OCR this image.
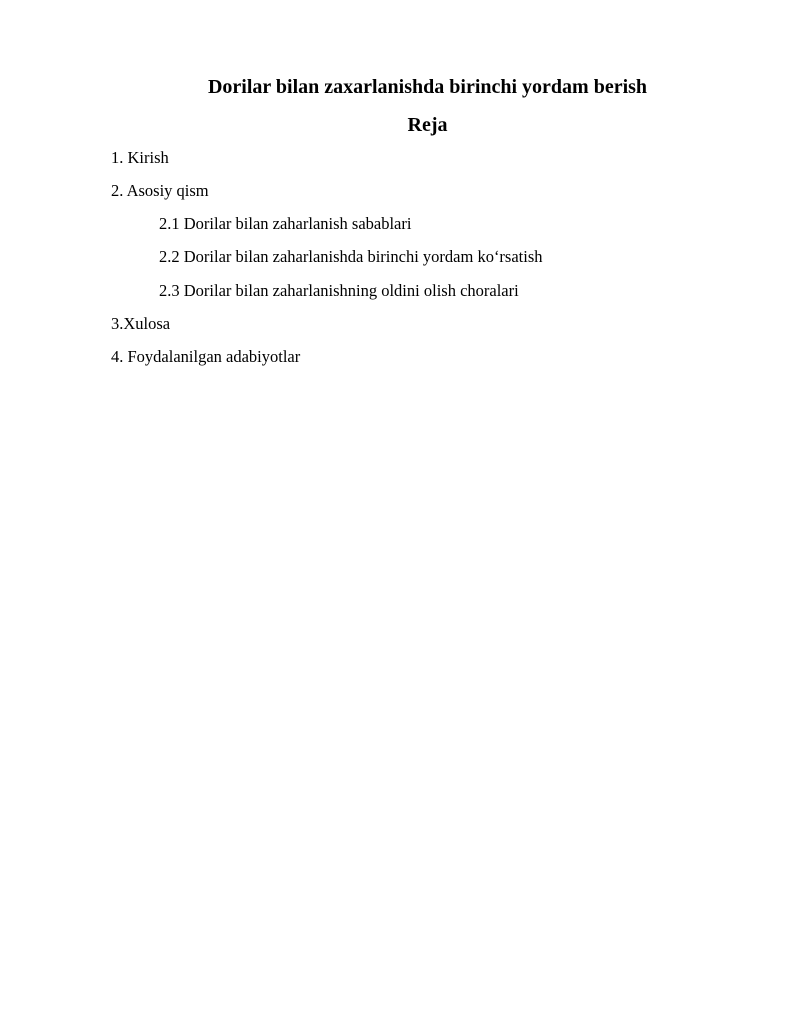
Dorilar bilan zaxarlanishda birinchi yordam berish
Reja
1. Kirish
2. Asosiy qism
2.1 Dorilar bilan zaharlanish sabablari
2.2 Dorilar bilan zaharlanishda birinchi yordam ko‘rsatish
2.3 Dorilar bilan zaharlanishning oldini olish choralari
3.Xulosa
4. Foydalanilgan adabiyotlar
